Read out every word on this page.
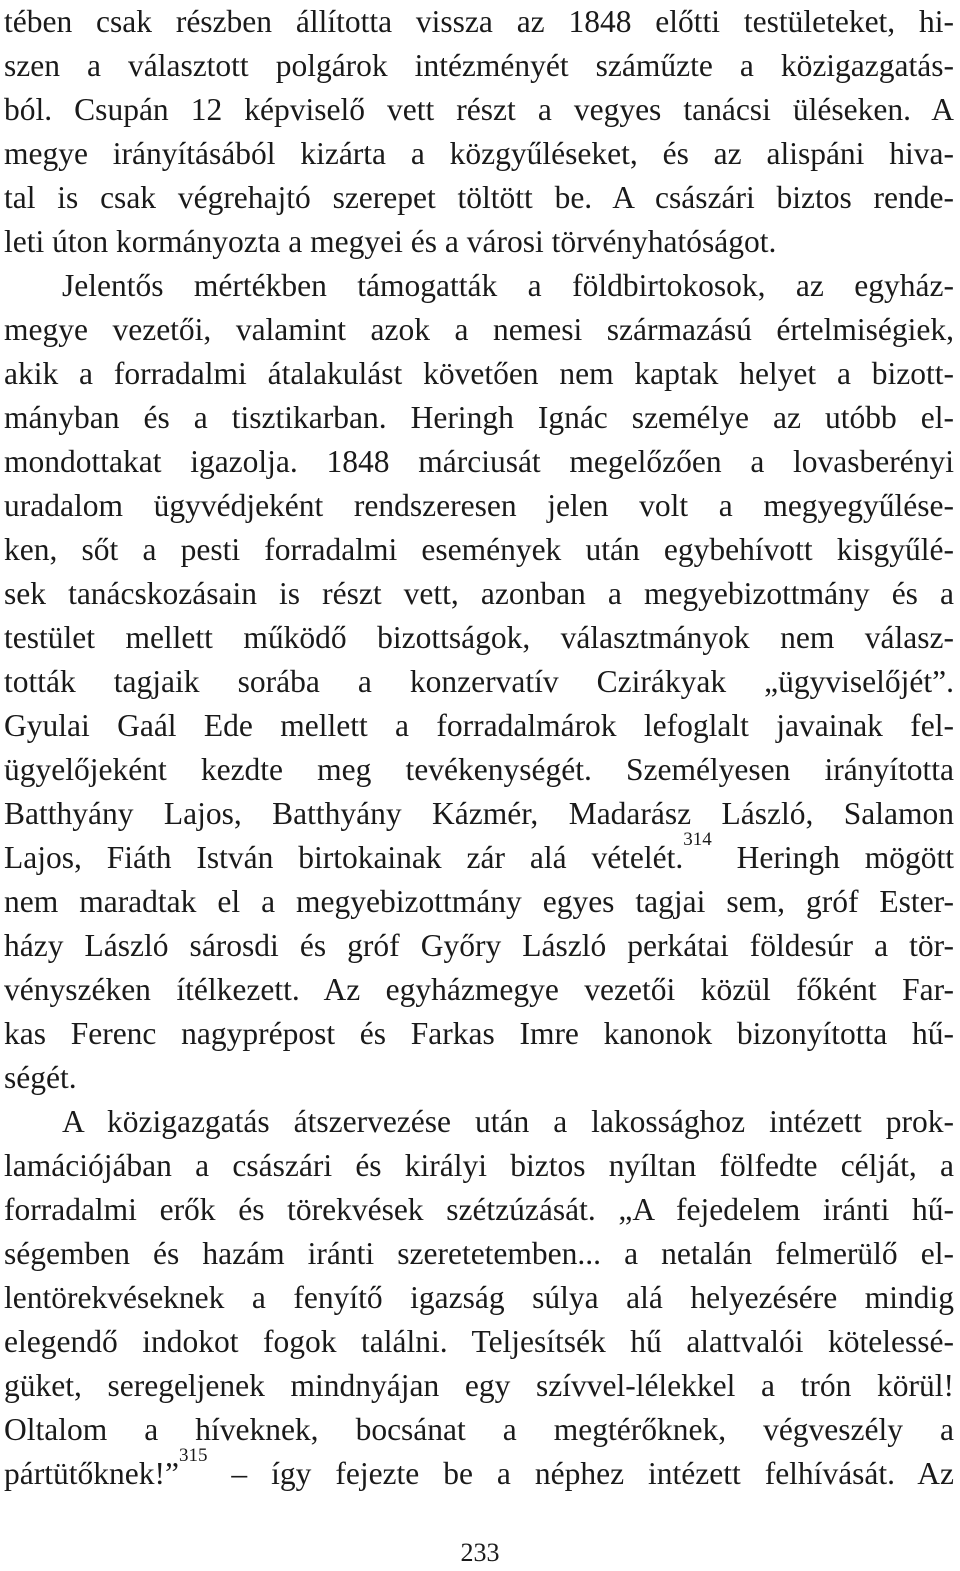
tében csak részben állította vissza az 1848 előtti testületeket, hi-
szen a választott polgárok intézményét száműzte a közigazgatás-
ból. Csupán 12 képviselő vett részt a vegyes tanácsi üléseken. A
megye irányításából kizárta a közgyűléseket, és az alispáni hiva-
tal is csak végrehajtó szerepet töltött be. A császári biztos rende-
leti úton kormányozta a megyei és a városi törvényhatóságot.
Jelentős mértékben támogatták a földbirtokosok, az egyház-
megye vezetői, valamint azok a nemesi származású értelmiségiek,
akik a forradalmi átalakulást követően nem kaptak helyet a bizott-
mányban és a tisztikarban. Heringh Ignác személye az utóbb el-
mondottakat igazolja. 1848 márciusát megelőzően a lovasberényi
uradalom ügyvédjeként rendszeresen jelen volt a megyegyűlése-
ken, sőt a pesti forradalmi események után egybehívott kisgyűlé-
sek tanácskozásain is részt vett, azonban a megyebizottmány és a
testület mellett működő bizottságok, választmányok nem válasz-
tották tagjaik sorába a konzervatív Czirákyak „ügyviselőjét”.
Gyulai Gaál Ede mellett a forradalmárok lefoglalt javainak fel-
ügyelőjeként kezdte meg tevékenységét. Személyesen irányította
Batthyány Lajos, Batthyány Kázmér, Madarász László, Salamon
Lajos, Fiáth István birtokainak zár alá vételét.$^{314}$ Heringh mögött
nem maradtak el a megyebizottmány egyes tagjai sem, gróf Ester-
házy László sárosdi és gróf Győry László perkátai földesúr a tör-
vényszéken ítélkezett. Az egyházmegye vezetői közül főként Far-
kas Ferenc nagyprépost és Farkas Imre kanonok bizonyította hű-
ségét.
A közigazgatás átszervezése után a lakossághoz intézett prok-
lamációjában a császári és királyi biztos nyíltan fölfedte célját, a
forradalmi erők és törekvések szétzúzását. „A fejedelem iránti hű-
ségemben és hazám iránti szeretetemben... a netalán felmerülő el-
lentörekvéseknek a fenyítő igazság súlya alá helyezésére mindig
elegendő indokot fogok találni. Teljesítsék hű alattvalói kötelessé-
güket, seregeljenek mindnyájan egy szívvel-lélekkel a trón körül!
Oltalom a híveknek, bocsánat a megtérőknek, végveszély a
pártütőknek!”$^{315}$ – így fejezte be a néphez intézett felhívását. Az
233
